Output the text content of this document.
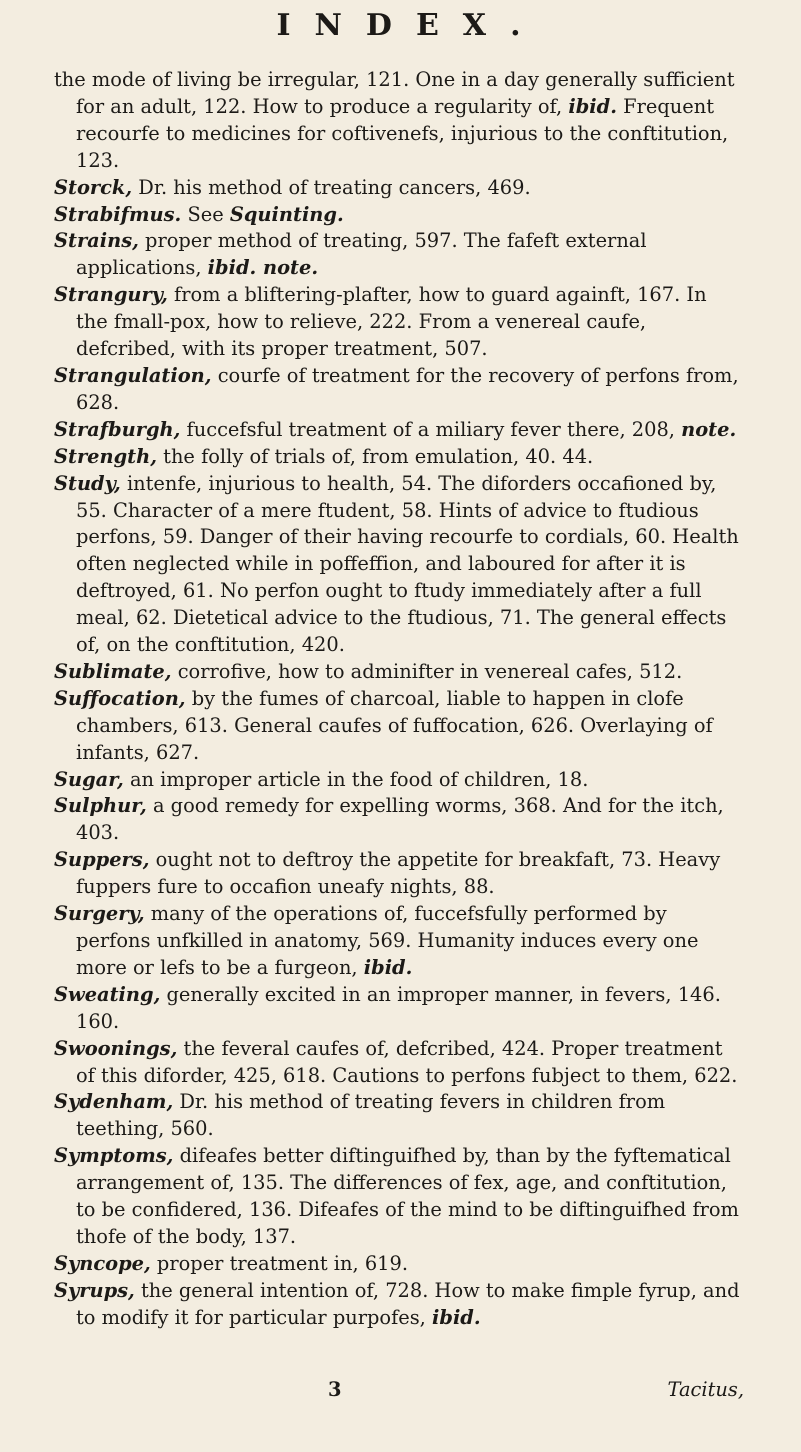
INDEX.

the mode of living be irregular, 121. One in a day generally sufficient for an adult, 122. How to produce a regularity of, ibid. Frequent recourfe to medicines for coftivenefs, injurious to the conftitution, 123.

Storck, Dr. his method of treating cancers, 469.

Strabifmus. See Squinting.

Strains, proper method of treating, 597. The fafeft external applications, ibid. note.

Strangury, from a bliftering-plafter, how to guard againft, 167. In the fmall-pox, how to relieve, 222. From a venereal caufe, defcribed, with its proper treatment, 507.

Strangulation, courfe of treatment for the recovery of perfons from, 628.

Strafburgh, fuccefsful treatment of a miliary fever there, 208, note.

Strength, the folly of trials of, from emulation, 40. 44.

Study, intenfe, injurious to health, 54. The diforders occafioned by, 55. Character of a mere ftudent, 58. Hints of advice to ftudious perfons, 59. Danger of their having recourfe to cordials, 60. Health often neglected while in poffeffion, and laboured for after it is deftroyed, 61. No perfon ought to ftudy immediately after a full meal, 62. Dietetical advice to the ftudious, 71. The general effects of, on the conftitution, 420.

Sublimate, corrofive, how to adminifter in venereal cafes, 512.

Suffocation, by the fumes of charcoal, liable to happen in clofe chambers, 613. General caufes of fuffocation, 626. Overlaying of infants, 627.

Sugar, an improper article in the food of children, 18.

Sulphur, a good remedy for expelling worms, 368. And for the itch, 403.

Suppers, ought not to deftroy the appetite for breakfaft, 73. Heavy fuppers fure to occafion uneafy nights, 88.

Surgery, many of the operations of, fuccefsfully performed by perfons unfkilled in anatomy, 569. Humanity induces every one more or lefs to be a furgeon, ibid.

Sweating, generally excited in an improper manner, in fevers, 146. 160.

Swoonings, the feveral caufes of, defcribed, 424. Proper treatment of this diforder, 425, 618. Cautions to perfons fubject to them, 622.

Sydenham, Dr. his method of treating fevers in children from teething, 560.

Symptoms, difeafes better diftinguifhed by, than by the fyftematical arrangement of, 135. The differences of fex, age, and conftitution, to be confidered, 136. Difeafes of the mind to be diftinguifhed from thofe of the body, 137.

Syncope, proper treatment in, 619.

Syrups, the general intention of, 728. How to make fimple fyrup, and to modify it for particular purpofes, ibid.

3	Tacitus,
